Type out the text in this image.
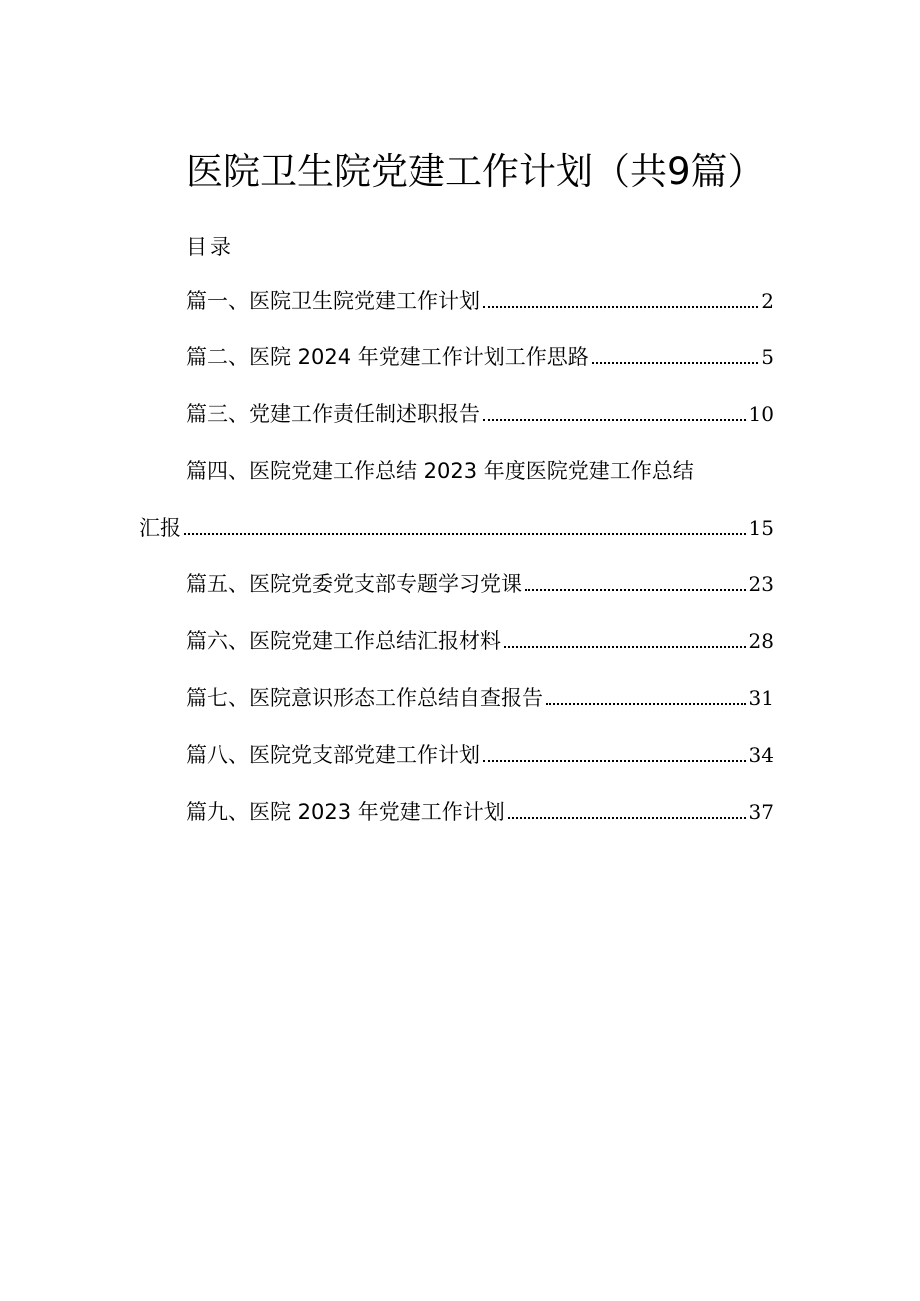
医院卫生院党建工作计划（共9篇）
目录
篇一、医院卫生院党建工作计划	2
篇二、医院 2024 年党建工作计划工作思路	5
篇三、党建工作责任制述职报告	10
篇四、医院党建工作总结 2023 年度医院党建工作总结
汇报	15
篇五、医院党委党支部专题学习党课	23
篇六、医院党建工作总结汇报材料	28
篇七、医院意识形态工作总结自查报告	31
篇八、医院党支部党建工作计划	34
篇九、医院 2023 年党建工作计划	37
